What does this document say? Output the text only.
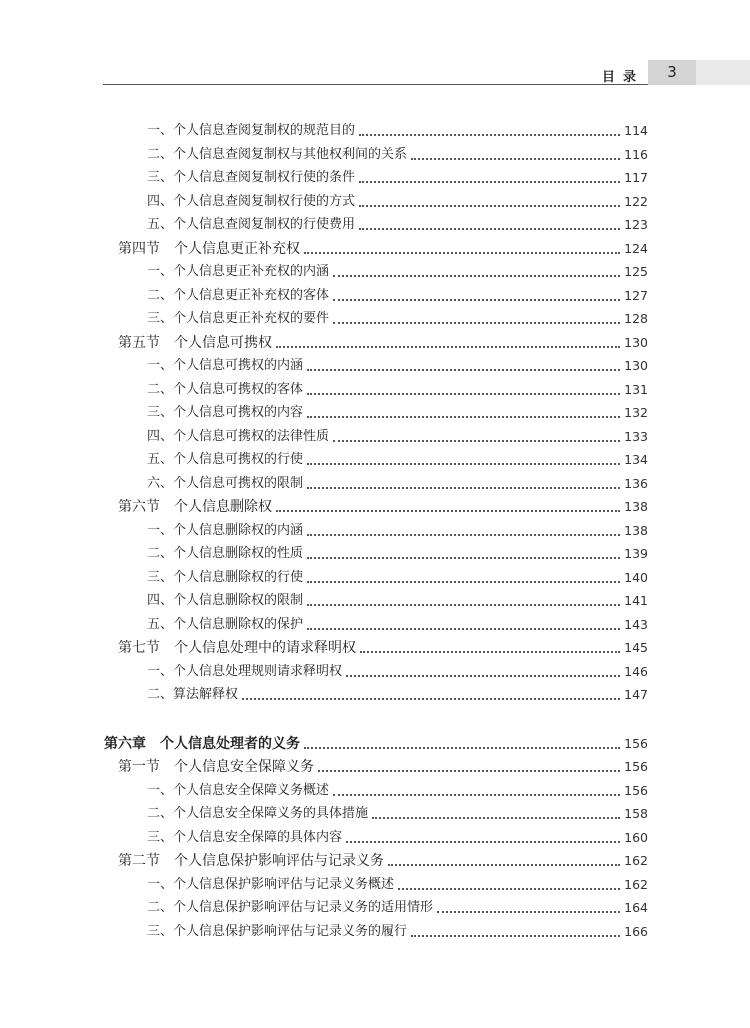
目录	3
一、个人信息查阅复制权的规范目的	114
二、个人信息查阅复制权与其他权利间的关系	116
三、个人信息查阅复制权行使的条件	117
四、个人信息查阅复制权行使的方式	122
五、个人信息查阅复制权的行使费用	123
第四节　个人信息更正补充权	124
一、个人信息更正补充权的内涵	125
二、个人信息更正补充权的客体	127
三、个人信息更正补充权的要件	128
第五节　个人信息可携权	130
一、个人信息可携权的内涵	130
二、个人信息可携权的客体	131
三、个人信息可携权的内容	132
四、个人信息可携权的法律性质	133
五、个人信息可携权的行使	134
六、个人信息可携权的限制	136
第六节　个人信息删除权	138
一、个人信息删除权的内涵	138
二、个人信息删除权的性质	139
三、个人信息删除权的行使	140
四、个人信息删除权的限制	141
五、个人信息删除权的保护	143
第七节　个人信息处理中的请求释明权	145
一、个人信息处理规则请求释明权	146
二、算法解释权	147
第六章　个人信息处理者的义务	156
第一节　个人信息安全保障义务	156
一、个人信息安全保障义务概述	156
二、个人信息安全保障义务的具体措施	158
三、个人信息安全保障的具体内容	160
第二节　个人信息保护影响评估与记录义务	162
一、个人信息保护影响评估与记录义务概述	162
二、个人信息保护影响评估与记录义务的适用情形	164
三、个人信息保护影响评估与记录义务的履行	166
